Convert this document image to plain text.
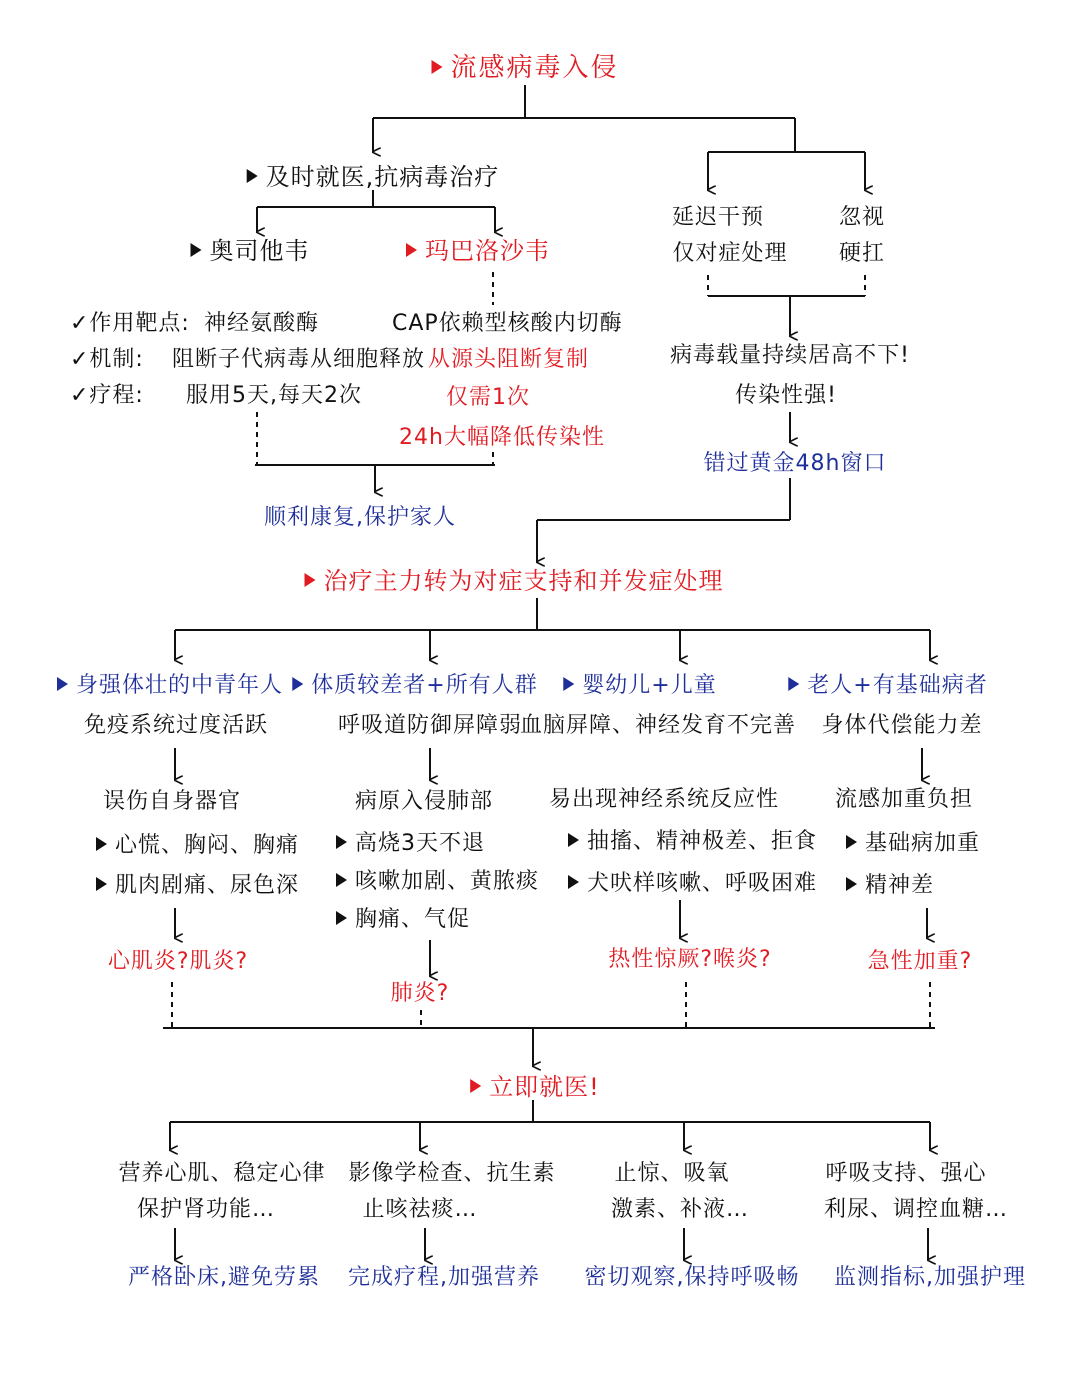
流感病毒入侵
及时就医,抗病毒治疗
奥司他韦	玛巴洛沙韦
✓作用靶点: 神经氨酸酶	CAP依赖型核酸内切酶
✓机制: 阻断子代病毒从细胞释放 从源头阻断复制
✓疗程: 服用5天,每天2次	仅需1次
24h大幅降低传染性
顺利康复,保护家人
延迟干预
仅对症处理
忽视
硬扛
病毒载量持续居高不下!
传染性强!
错过黄金48h窗口
治疗主力转为对症支持和并发症处理
身强体壮的中青年人
免疫系统过度活跃
误伤自身器官
心慌、胸闷、胸痛
肌肉剧痛、尿色深
心肌炎?肌炎?
体质较差者+所有人群
呼吸道防御屏障弱
病原入侵肺部
高烧3天不退
咳嗽加剧、黄脓痰
胸痛、气促
肺炎?
婴幼儿+儿童
血脑屏障、神经发育不完善
易出现神经系统反应性
抽搐、精神极差、拒食
犬吠样咳嗽、呼吸困难
热性惊厥?喉炎?
老人+有基础病者
身体代偿能力差
流感加重负担
基础病加重
精神差
急性加重?
立即就医!
营养心肌、稳定心律
保护肾功能…
严格卧床,避免劳累
影像学检查、抗生素
止咳祛痰…
完成疗程,加强营养
止惊、吸氧
激素、补液…
密切观察,保持呼吸畅
呼吸支持、强心
利尿、调控血糖…
监测指标,加强护理
